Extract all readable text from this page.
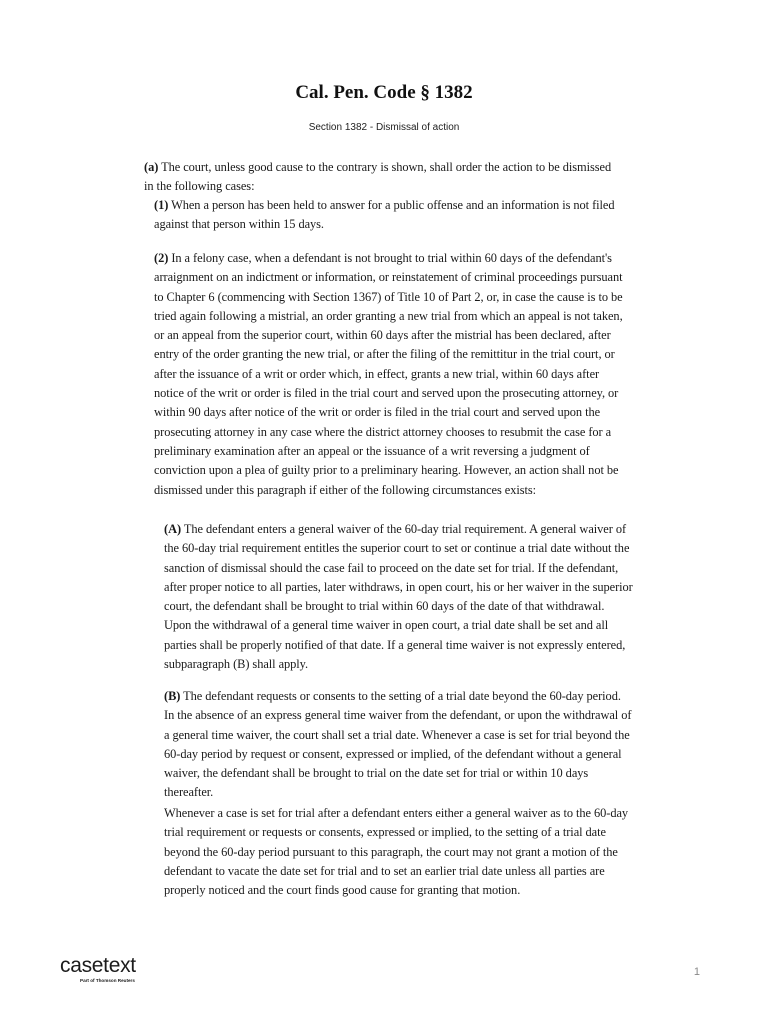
Cal. Pen. Code § 1382
Section 1382 - Dismissal of action

(a) The court, unless good cause to the contrary is shown, shall order the action to be dismissed in the following cases:

(1) When a person has been held to answer for a public offense and an information is not filed against that person within 15 days.

(2) In a felony case, when a defendant is not brought to trial within 60 days of the defendant's arraignment on an indictment or information, or reinstatement of criminal proceedings pursuant to Chapter 6 (commencing with Section 1367) of Title 10 of Part 2, or, in case the cause is to be tried again following a mistrial, an order granting a new trial from which an appeal is not taken, or an appeal from the superior court, within 60 days after the mistrial has been declared, after entry of the order granting the new trial, or after the filing of the remittitur in the trial court, or after the issuance of a writ or order which, in effect, grants a new trial, within 60 days after notice of the writ or order is filed in the trial court and served upon the prosecuting attorney, or within 90 days after notice of the writ or order is filed in the trial court and served upon the prosecuting attorney in any case where the district attorney chooses to resubmit the case for a preliminary examination after an appeal or the issuance of a writ reversing a judgment of conviction upon a plea of guilty prior to a preliminary hearing. However, an action shall not be dismissed under this paragraph if either of the following circumstances exists:

(A) The defendant enters a general waiver of the 60-day trial requirement. A general waiver of the 60-day trial requirement entitles the superior court to set or continue a trial date without the sanction of dismissal should the case fail to proceed on the date set for trial. If the defendant, after proper notice to all parties, later withdraws, in open court, his or her waiver in the superior court, the defendant shall be brought to trial within 60 days of the date of that withdrawal. Upon the withdrawal of a general time waiver in open court, a trial date shall be set and all parties shall be properly notified of that date. If a general time waiver is not expressly entered, subparagraph (B) shall apply.

(B) The defendant requests or consents to the setting of a trial date beyond the 60-day period. In the absence of an express general time waiver from the defendant, or upon the withdrawal of a general time waiver, the court shall set a trial date. Whenever a case is set for trial beyond the 60-day period by request or consent, expressed or implied, of the defendant without a general waiver, the defendant shall be brought to trial on the date set for trial or within 10 days thereafter.

Whenever a case is set for trial after a defendant enters either a general waiver as to the 60-day trial requirement or requests or consents, expressed or implied, to the setting of a trial date beyond the 60-day period pursuant to this paragraph, the court may not grant a motion of the defendant to vacate the date set for trial and to set an earlier trial date unless all parties are properly noticed and the court finds good cause for granting that motion.

casetext
Part of Thomson Reuters
1
